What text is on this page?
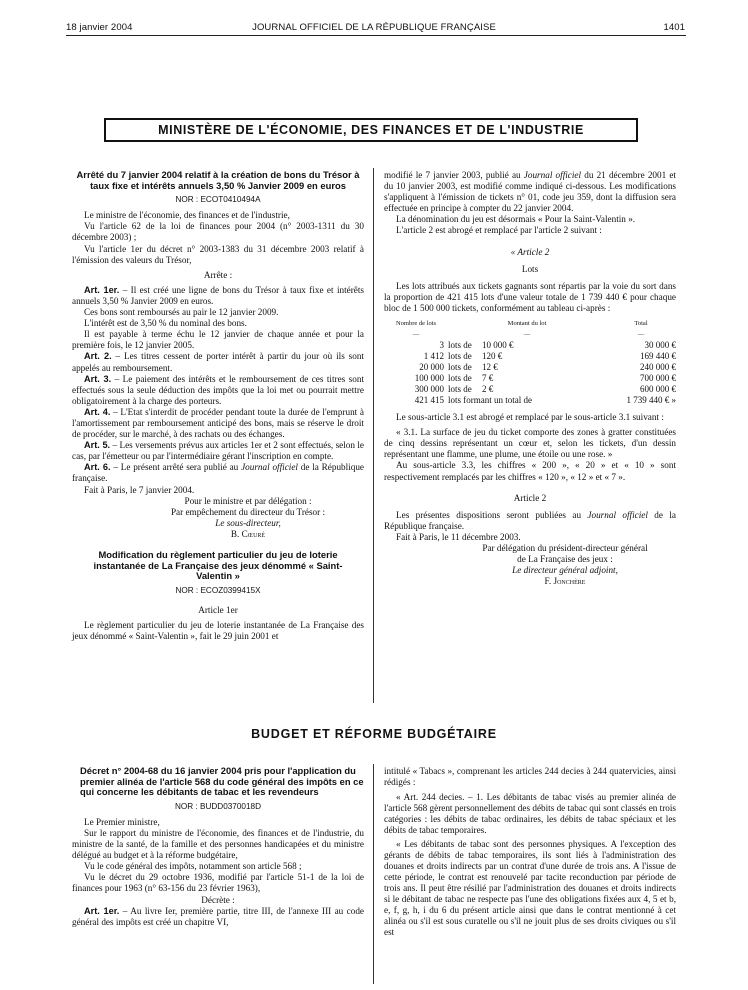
18 janvier 2004	JOURNAL OFFICIEL DE LA RÉPUBLIQUE FRANÇAISE	1401
MINISTÈRE DE L'ÉCONOMIE, DES FINANCES ET DE L'INDUSTRIE
Arrêté du 7 janvier 2004 relatif à la création de bons du Trésor à taux fixe et intérêts annuels 3,50 % Janvier 2009 en euros
NOR : ECOT0410494A

Le ministre de l'économie, des finances et de l'industrie,

Vu l'article 62 de la loi de finances pour 2004 (n° 2003-1311 du 30 décembre 2003) ;

Vu l'article 1er du décret n° 2003-1383 du 31 décembre 2003 relatif à l'émission des valeurs du Trésor,

Arrête :

Art. 1er. – Il est créé une ligne de bons du Trésor à taux fixe et intérêts annuels 3,50 % Janvier 2009 en euros.

Ces bons sont remboursés au pair le 12 janvier 2009.

L'intérêt est de 3,50 % du nominal des bons.

Il est payable à terme échu le 12 janvier de chaque année et pour la première fois, le 12 janvier 2005.

Art. 2. – Les titres cessent de porter intérêt à partir du jour où ils sont appelés au remboursement.

Art. 3. – Le paiement des intérêts et le remboursement de ces titres sont effectués sous la seule déduction des impôts que la loi met ou pourrait mettre obligatoirement à la charge des porteurs.

Art. 4. – L'Etat s'interdit de procéder pendant toute la durée de l'emprunt à l'amortissement par remboursement anticipé des bons, mais se réserve le droit de procéder, sur le marché, à des rachats ou des échanges.

Art. 5. – Les versements prévus aux articles 1er et 2 sont effectués, selon le cas, par l'émetteur ou par l'intermédiaire gérant l'inscription en compte.

Art. 6. – Le présent arrêté sera publié au Journal officiel de la République française.

Fait à Paris, le 7 janvier 2004.

Pour le ministre et par délégation :
Par empêchement du directeur du Trésor :
Le sous-directeur,
B. Cœuré
Modification du règlement particulier du jeu de loterie instantanée de La Française des jeux dénommé « Saint-Valentin »
NOR : ECOZ0399415X

Article 1er

Le règlement particulier du jeu de loterie instantanée de La Française des jeux dénommé « Saint-Valentin », fait le 29 juin 2001 et

modifié le 7 janvier 2003, publié au Journal officiel du 21 décembre 2001 et du 10 janvier 2003, est modifié comme indiqué ci-dessous. Les modifications s'appliquent à l'émission de tickets n° 01, code jeu 359, dont la diffusion sera effectuée en principe à compter du 22 janvier 2004.

La dénomination du jeu est désormais « Pour la Saint-Valentin ».

L'article 2 est abrogé et remplacé par l'article 2 suivant :

« Article 2

Lots

Les lots attribués aux tickets gagnants sont répartis par la voie du sort dans la proportion de 421 415 lots d'une valeur totale de 1 739 440 € pour chaque bloc de 1 500 000 tickets, conformément au tableau ci-après :

Nombre de lots
—	Montant du lot
—		Total
—
3	lots de	10 000 €	30 000 €
1 412	lots de	120 €	169 440 €
20 000	lots de	12 €	240 000 €
100 000	lots de	7 €	700 000 €
300 000	lots de	2 €	600 000 €
421 415	lots formant un total de		1 739 440 € »

Le sous-article 3.1 est abrogé et remplacé par le sous-article 3.1 suivant :

« 3.1. La surface de jeu du ticket comporte des zones à gratter constituées de cinq dessins représentant un cœur et, selon les tickets, d'un dessin représentant une flamme, une plume, une étoile ou une rose. »

Au sous-article 3.3, les chiffres « 200 », « 20 » et « 10 » sont respectivement remplacés par les chiffres « 120 », « 12 » et « 7 ».

Article 2

Les présentes dispositions seront publiées au Journal officiel de la République française.

Fait à Paris, le 11 décembre 2003.

Par délégation du président-directeur général
de La Française des jeux :
Le directeur général adjoint,
F. Jonchère
BUDGET ET RÉFORME BUDGÉTAIRE
Décret n° 2004-68 du 16 janvier 2004 pris pour l'application du premier alinéa de l'article 568 du code général des impôts en ce qui concerne les débitants de tabac et les revendeurs
NOR : BUDD0370018D

Le Premier ministre,

Sur le rapport du ministre de l'économie, des finances et de l'industrie, du ministre de la santé, de la famille et des personnes handicapées et du ministre délégué au budget et à la réforme budgétaire,

Vu le code général des impôts, notamment son article 568 ;

Vu le décret du 29 octobre 1936, modifié par l'article 51-1 de la loi de finances pour 1963 (n° 63-156 du 23 février 1963),

Décrète :

Art. 1er. – Au livre Ier, première partie, titre III, de l'annexe III au code général des impôts est créé un chapitre VI,

intitulé « Tabacs », comprenant les articles 244 decies à 244 quatervicies, ainsi rédigés :

« Art. 244 decies. – 1. Les débitants de tabac visés au premier alinéa de l'article 568 gèrent personnellement des débits de tabac qui sont classés en trois catégories : les débits de tabac ordinaires, les débits de tabac spéciaux et les débits de tabac temporaires.

« Les débitants de tabac sont des personnes physiques. A l'exception des gérants de débits de tabac temporaires, ils sont liés à l'administration des douanes et droits indirects par un contrat d'une durée de trois ans. A l'issue de cette période, le contrat est renouvelé par tacite reconduction par période de trois ans. Il peut être résilié par l'administration des douanes et droits indirects si le débitant de tabac ne respecte pas l'une des obligations fixées aux 4, 5 et b, e, f, g, h, i du 6 du présent article ainsi que dans le contrat mentionné à cet alinéa ou s'il est sous curatelle ou s'il ne jouit plus de ses droits civiques ou s'il est
